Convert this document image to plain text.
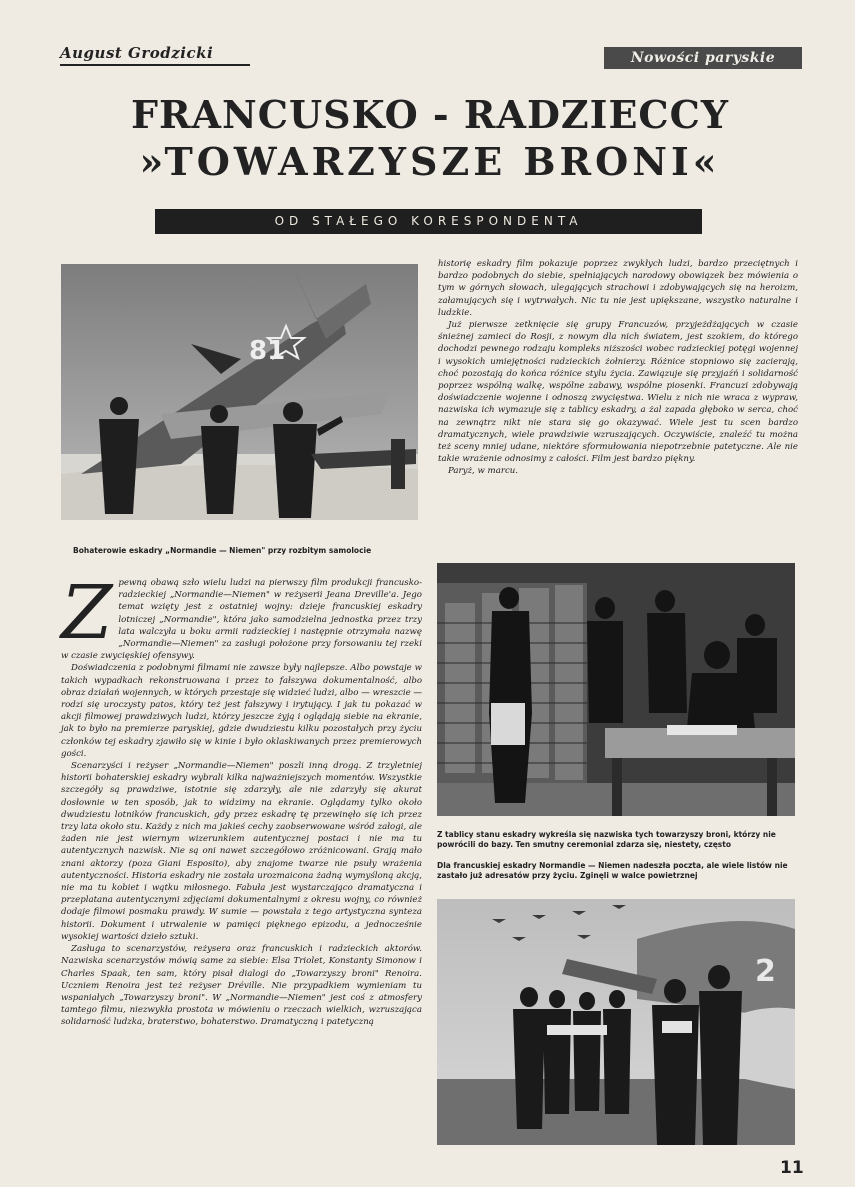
August Grodzicki	Nowości paryskie
FRANCUSKO - RADZIECCY
»TOWARZYSZE BRONI«
OD STAŁEGO KORESPONDENTA
81
Bohaterowie eskadry „Normandie — Niemen" przy rozbitym samolocie
Z tablicy stanu eskadry wykreśla się nazwiska tych towarzyszy broni, którzy nie powrócili do bazy. Ten smutny ceremonial zdarza się, niestety, często
Dla francuskiej eskadry Normandie — Niemen nadeszła poczta, ale wiele listów nie zastało już adresatów przy życiu. Zginęli w walce powietrznej
2

Zpewną obawą szło wielu ludzi na pierwszy film produkcji francusko-radzieckiej „Normandie—Niemen" w reżyserii Jeana Dreville'a. Jego temat wzięty jest z ostatniej wojny: dzieje francuskiej eskadry lotniczej „Normandie", która jako samodzielna jednostka przez trzy lata walczyła u boku armii radzieckiej i następnie otrzymała nazwę „Normandie—Niemen" za zasługi położone przy forsowaniu tej rzeki w czasie zwycięskiej ofensywy.

Doświadczenia z podobnymi filmami nie zawsze były najlepsze. Albo powstaje w takich wypadkach rekonstruowana i przez to fałszywa dokumentalność, albo obraz działań wojennych, w których przestaje się widzieć ludzi, albo — wreszcie — rodzi się uroczysty patos, który też jest fałszywy i irytujący. I jak tu pokazać w akcji filmowej prawdziwych ludzi, którzy jeszcze żyją i oglądają siebie na ekranie, jak to było na premierze paryskiej, gdzie dwudziestu kilku pozostałych przy życiu członków tej eskadry zjawiło się w kinie i było oklaskiwanych przez premierowych gości.

Scenarzyści i reżyser „Normandie—Niemen" poszli inną drogą. Z trzyletniej historii bohaterskiej eskadry wybrali kilka najważniejszych momentów. Wszystkie szczegóły są prawdziwe, istotnie się zdarzyły, ale nie zdarzyły się akurat dosłownie w ten sposób, jak to widzimy na ekranie. Oglądamy tylko około dwudziestu lotników francuskich, gdy przez eskadrę tę przewinęło się ich przez trzy lata około stu. Każdy z nich ma jakieś cechy zaobserwowane wśród załogi, ale żaden nie jest wiernym wizerunkiem autentycznej postaci i nie ma tu autentycznych nazwisk. Nie są oni nawet szczegółowo zróżnicowani. Grają mało znani aktorzy (poza Giani Esposito), aby znajome twarze nie psuły wrażenia autentyczności. Historia eskadry nie została urozmaicona żadną wymyśloną akcją, nie ma tu kobiet i wątku miłosnego. Fabuła jest wystarczająco dramatyczna i przeplatana autentycznymi zdjęciami dokumentalnymi z okresu wojny, co również dodaje filmowi posmaku prawdy. W sumie — powstała z tego artystyczna synteza historii. Dokument i utrwalenie w pamięci pięknego epizodu, a jednocześnie wysokiej wartości dzieło sztuki.

Zasługa to scenarzystów, reżysera oraz francuskich i radzieckich aktorów. Nazwiska scenarzystów mówią same za siebie: Elsa Triolet, Konstanty Simonow i Charles Spaak, ten sam, który pisał dialogi do „Towarzyszy broni" Renoira. Uczniem Renoira jest też reżyser Dréville. Nie przypadkiem wymieniam tu wspaniałych „Towarzyszy broni". W „Normandie—Niemen" jest coś z atmosfery tamtego filmu, niezwykła prostota w mówieniu o rzeczach wielkich, wzruszająca solidarność ludzka, braterstwo, bohaterstwo. Dramatyczną i patetyczną

historię eskadry film pokazuje poprzez zwykłych ludzi, bardzo przeciętnych i bardzo podobnych do siebie, spełniających narodowy obowiązek bez mówienia o tym w górnych słowach, ulegających strachowi i zdobywających się na heroizm, załamujących się i wytrwałych. Nic tu nie jest upiększane, wszystko naturalne i ludzkie.

Już pierwsze zetknięcie się grupy Francuzów, przyjeżdżających w czasie śnieżnej zamieci do Rosji, z nowym dla nich światem, jest szokiem, do którego dochodzi pewnego rodzaju kompleks niższości wobec radzieckiej potęgi wojennej i wysokich umiejętności radzieckich żołnierzy. Różnice stopniowo się zacierają, choć pozostają do końca różnice stylu życia. Zawiązuje się przyjaźń i solidarność poprzez wspólną walkę, wspólne zabawy, wspólne piosenki. Francuzi zdobywają doświadczenie wojenne i odnoszą zwycięstwa. Wielu z nich nie wraca z wypraw, nazwiska ich wymazuje się z tablicy eskadry, a żal zapada głęboko w serca, choć na zewnątrz nikt nie stara się go okazywać. Wiele jest tu scen bardzo dramatycznych, wiele prawdziwie wzruszających. Oczywiście, znaleźć tu można też sceny mniej udane, niektóre sformułowania niepotrzebnie patetyczne. Ale nie takie wrażenie odnosimy z całości. Film jest bardzo piękny.

Paryż, w marcu.

11
